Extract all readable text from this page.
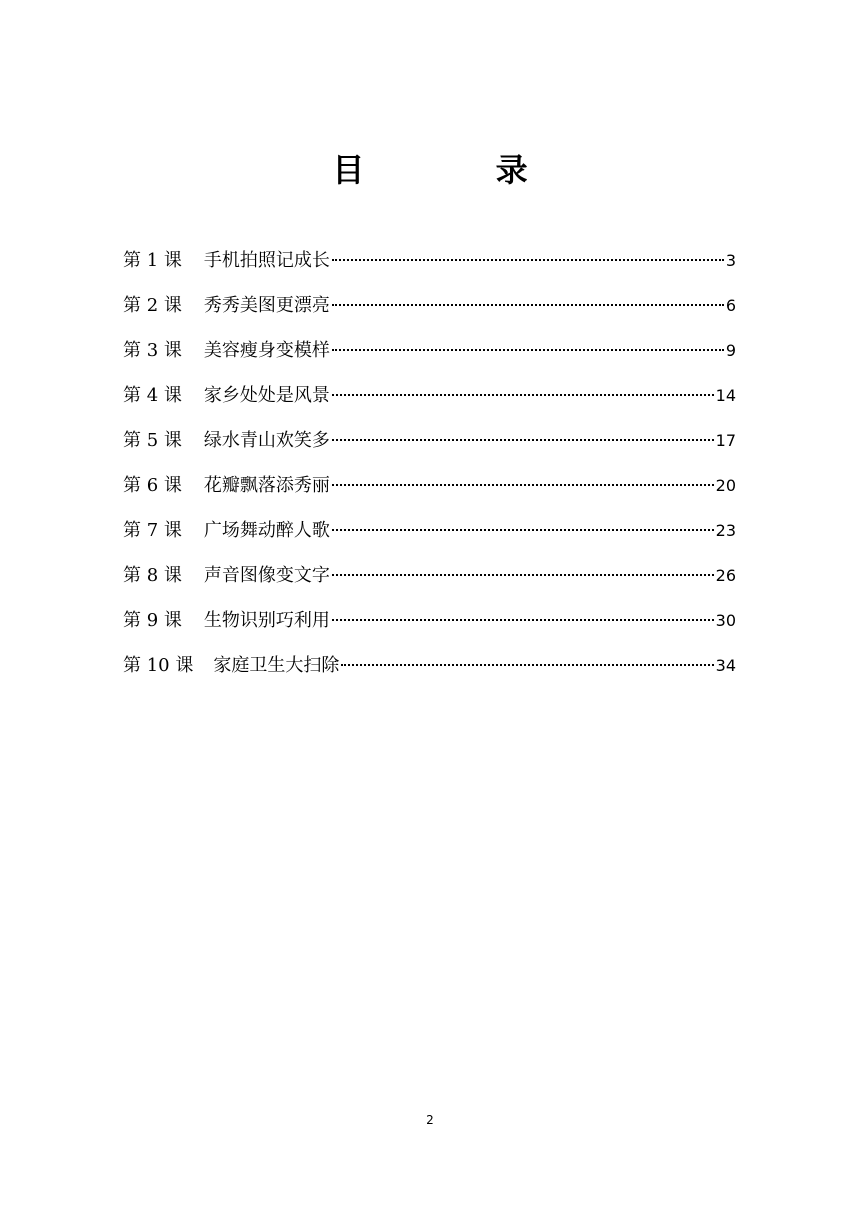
目 录
第 1 课 手机拍照记成长	3
第 2 课 秀秀美图更漂亮	6
第 3 课 美容瘦身变模样	9
第 4 课 家乡处处是风景	14
第 5 课 绿水青山欢笑多	17
第 6 课 花瓣飘落添秀丽	20
第 7 课 广场舞动醉人歌	23
第 8 课 声音图像变文字	26
第 9 课 生物识别巧利用	30
第 10 课 家庭卫生大扫除	34
2
